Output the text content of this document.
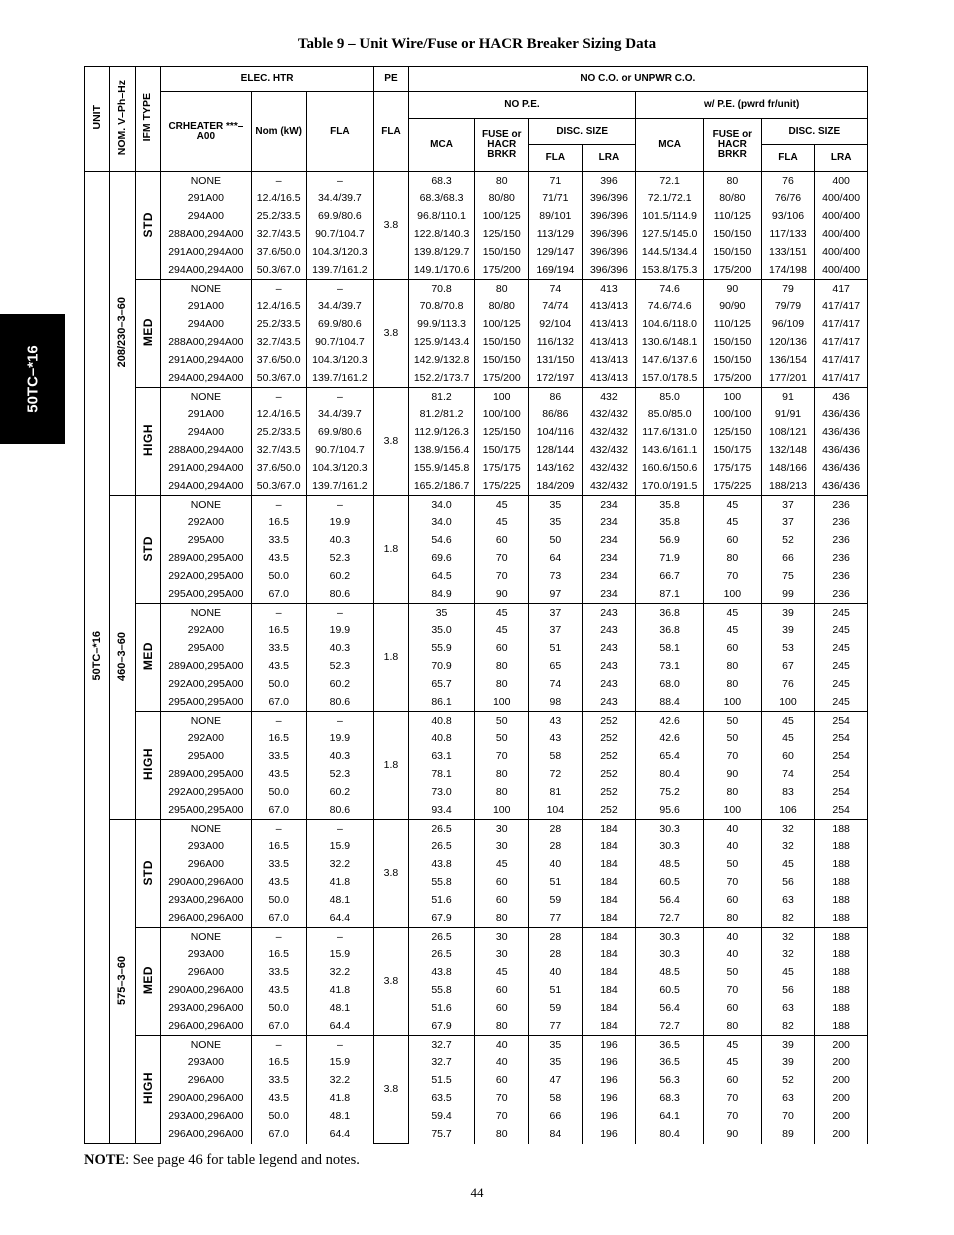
Table 9 – Unit Wire/Fuse or HACR Breaker Sizing Data
50TC–*16
UNIT	NOM. V–Ph–Hz	IFM TYPE	ELEC. HTR			PE	NO C.O. or UNPWR C.O.							
			CRHEATER ***–A00	Nom (kW)	FLA	FLA	NO P.E.				w/ P.E. (pwrd fr/unit)			
							MCA	FUSE or HACR BRKR	DISC. SIZE		MCA	FUSE or HACR BRKR	DISC. SIZE	
									FLA	LRA			FLA	LRA
50TC–*16	208/230–3–60	STD	NONE	–	–	3.8	68.3	80	71	396	72.1	80	76	400
			291A00	12.4/16.5	34.4/39.7		68.3/68.3	80/80	71/71	396/396	72.1/72.1	80/80	76/76	400/400
			294A00	25.2/33.5	69.9/80.6		96.8/110.1	100/125	89/101	396/396	101.5/114.9	110/125	93/106	400/400
			288A00,294A00	32.7/43.5	90.7/104.7		122.8/140.3	125/150	113/129	396/396	127.5/145.0	150/150	117/133	400/400
			291A00,294A00	37.6/50.0	104.3/120.3		139.8/129.7	150/150	129/147	396/396	144.5/134.4	150/150	133/151	400/400
			294A00,294A00	50.3/67.0	139.7/161.2		149.1/170.6	175/200	169/194	396/396	153.8/175.3	175/200	174/198	400/400
		MED	NONE	–	–	3.8	70.8	80	74	413	74.6	90	79	417
			291A00	12.4/16.5	34.4/39.7		70.8/70.8	80/80	74/74	413/413	74.6/74.6	90/90	79/79	417/417
			294A00	25.2/33.5	69.9/80.6		99.9/113.3	100/125	92/104	413/413	104.6/118.0	110/125	96/109	417/417
			288A00,294A00	32.7/43.5	90.7/104.7		125.9/143.4	150/150	116/132	413/413	130.6/148.1	150/150	120/136	417/417
			291A00,294A00	37.6/50.0	104.3/120.3		142.9/132.8	150/150	131/150	413/413	147.6/137.6	150/150	136/154	417/417
			294A00,294A00	50.3/67.0	139.7/161.2		152.2/173.7	175/200	172/197	413/413	157.0/178.5	175/200	177/201	417/417
		HIGH	NONE	–	–	3.8	81.2	100	86	432	85.0	100	91	436
			291A00	12.4/16.5	34.4/39.7		81.2/81.2	100/100	86/86	432/432	85.0/85.0	100/100	91/91	436/436
			294A00	25.2/33.5	69.9/80.6		112.9/126.3	125/150	104/116	432/432	117.6/131.0	125/150	108/121	436/436
			288A00,294A00	32.7/43.5	90.7/104.7		138.9/156.4	150/175	128/144	432/432	143.6/161.1	150/175	132/148	436/436
			291A00,294A00	37.6/50.0	104.3/120.3		155.9/145.8	175/175	143/162	432/432	160.6/150.6	175/175	148/166	436/436
			294A00,294A00	50.3/67.0	139.7/161.2		165.2/186.7	175/225	184/209	432/432	170.0/191.5	175/225	188/213	436/436
	460–3–60	STD	NONE	–	–	1.8	34.0	45	35	234	35.8	45	37	236
			292A00	16.5	19.9		34.0	45	35	234	35.8	45	37	236
			295A00	33.5	40.3		54.6	60	50	234	56.9	60	52	236
			289A00,295A00	43.5	52.3		69.6	70	64	234	71.9	80	66	236
			292A00,295A00	50.0	60.2		64.5	70	73	234	66.7	70	75	236
			295A00,295A00	67.0	80.6		84.9	90	97	234	87.1	100	99	236
		MED	NONE	–	–	1.8	35	45	37	243	36.8	45	39	245
			292A00	16.5	19.9		35.0	45	37	243	36.8	45	39	245
			295A00	33.5	40.3		55.9	60	51	243	58.1	60	53	245
			289A00,295A00	43.5	52.3		70.9	80	65	243	73.1	80	67	245
			292A00,295A00	50.0	60.2		65.7	80	74	243	68.0	80	76	245
			295A00,295A00	67.0	80.6		86.1	100	98	243	88.4	100	100	245
		HIGH	NONE	–	–	1.8	40.8	50	43	252	42.6	50	45	254
			292A00	16.5	19.9		40.8	50	43	252	42.6	50	45	254
			295A00	33.5	40.3		63.1	70	58	252	65.4	70	60	254
			289A00,295A00	43.5	52.3		78.1	80	72	252	80.4	90	74	254
			292A00,295A00	50.0	60.2		73.0	80	81	252	75.2	80	83	254
			295A00,295A00	67.0	80.6		93.4	100	104	252	95.6	100	106	254
	575–3–60	STD	NONE	–	–	3.8	26.5	30	28	184	30.3	40	32	188
			293A00	16.5	15.9		26.5	30	28	184	30.3	40	32	188
			296A00	33.5	32.2		43.8	45	40	184	48.5	50	45	188
			290A00,296A00	43.5	41.8		55.8	60	51	184	60.5	70	56	188
			293A00,296A00	50.0	48.1		51.6	60	59	184	56.4	60	63	188
			296A00,296A00	67.0	64.4		67.9	80	77	184	72.7	80	82	188
		MED	NONE	–	–	3.8	26.5	30	28	184	30.3	40	32	188
			293A00	16.5	15.9		26.5	30	28	184	30.3	40	32	188
			296A00	33.5	32.2		43.8	45	40	184	48.5	50	45	188
			290A00,296A00	43.5	41.8		55.8	60	51	184	60.5	70	56	188
			293A00,296A00	50.0	48.1		51.6	60	59	184	56.4	60	63	188
			296A00,296A00	67.0	64.4		67.9	80	77	184	72.7	80	82	188
		HIGH	NONE	–	–	3.8	32.7	40	35	196	36.5	45	39	200
			293A00	16.5	15.9		32.7	40	35	196	36.5	45	39	200
			296A00	33.5	32.2		51.5	60	47	196	56.3	60	52	200
			290A00,296A00	43.5	41.8		63.5	70	58	196	68.3	70	63	200
			293A00,296A00	50.0	48.1		59.4	70	66	196	64.1	70	70	200
			296A00,296A00	67.0	64.4		75.7	80	84	196	80.4	90	89	200
NOTE: See page 46 for table legend and notes.
44
